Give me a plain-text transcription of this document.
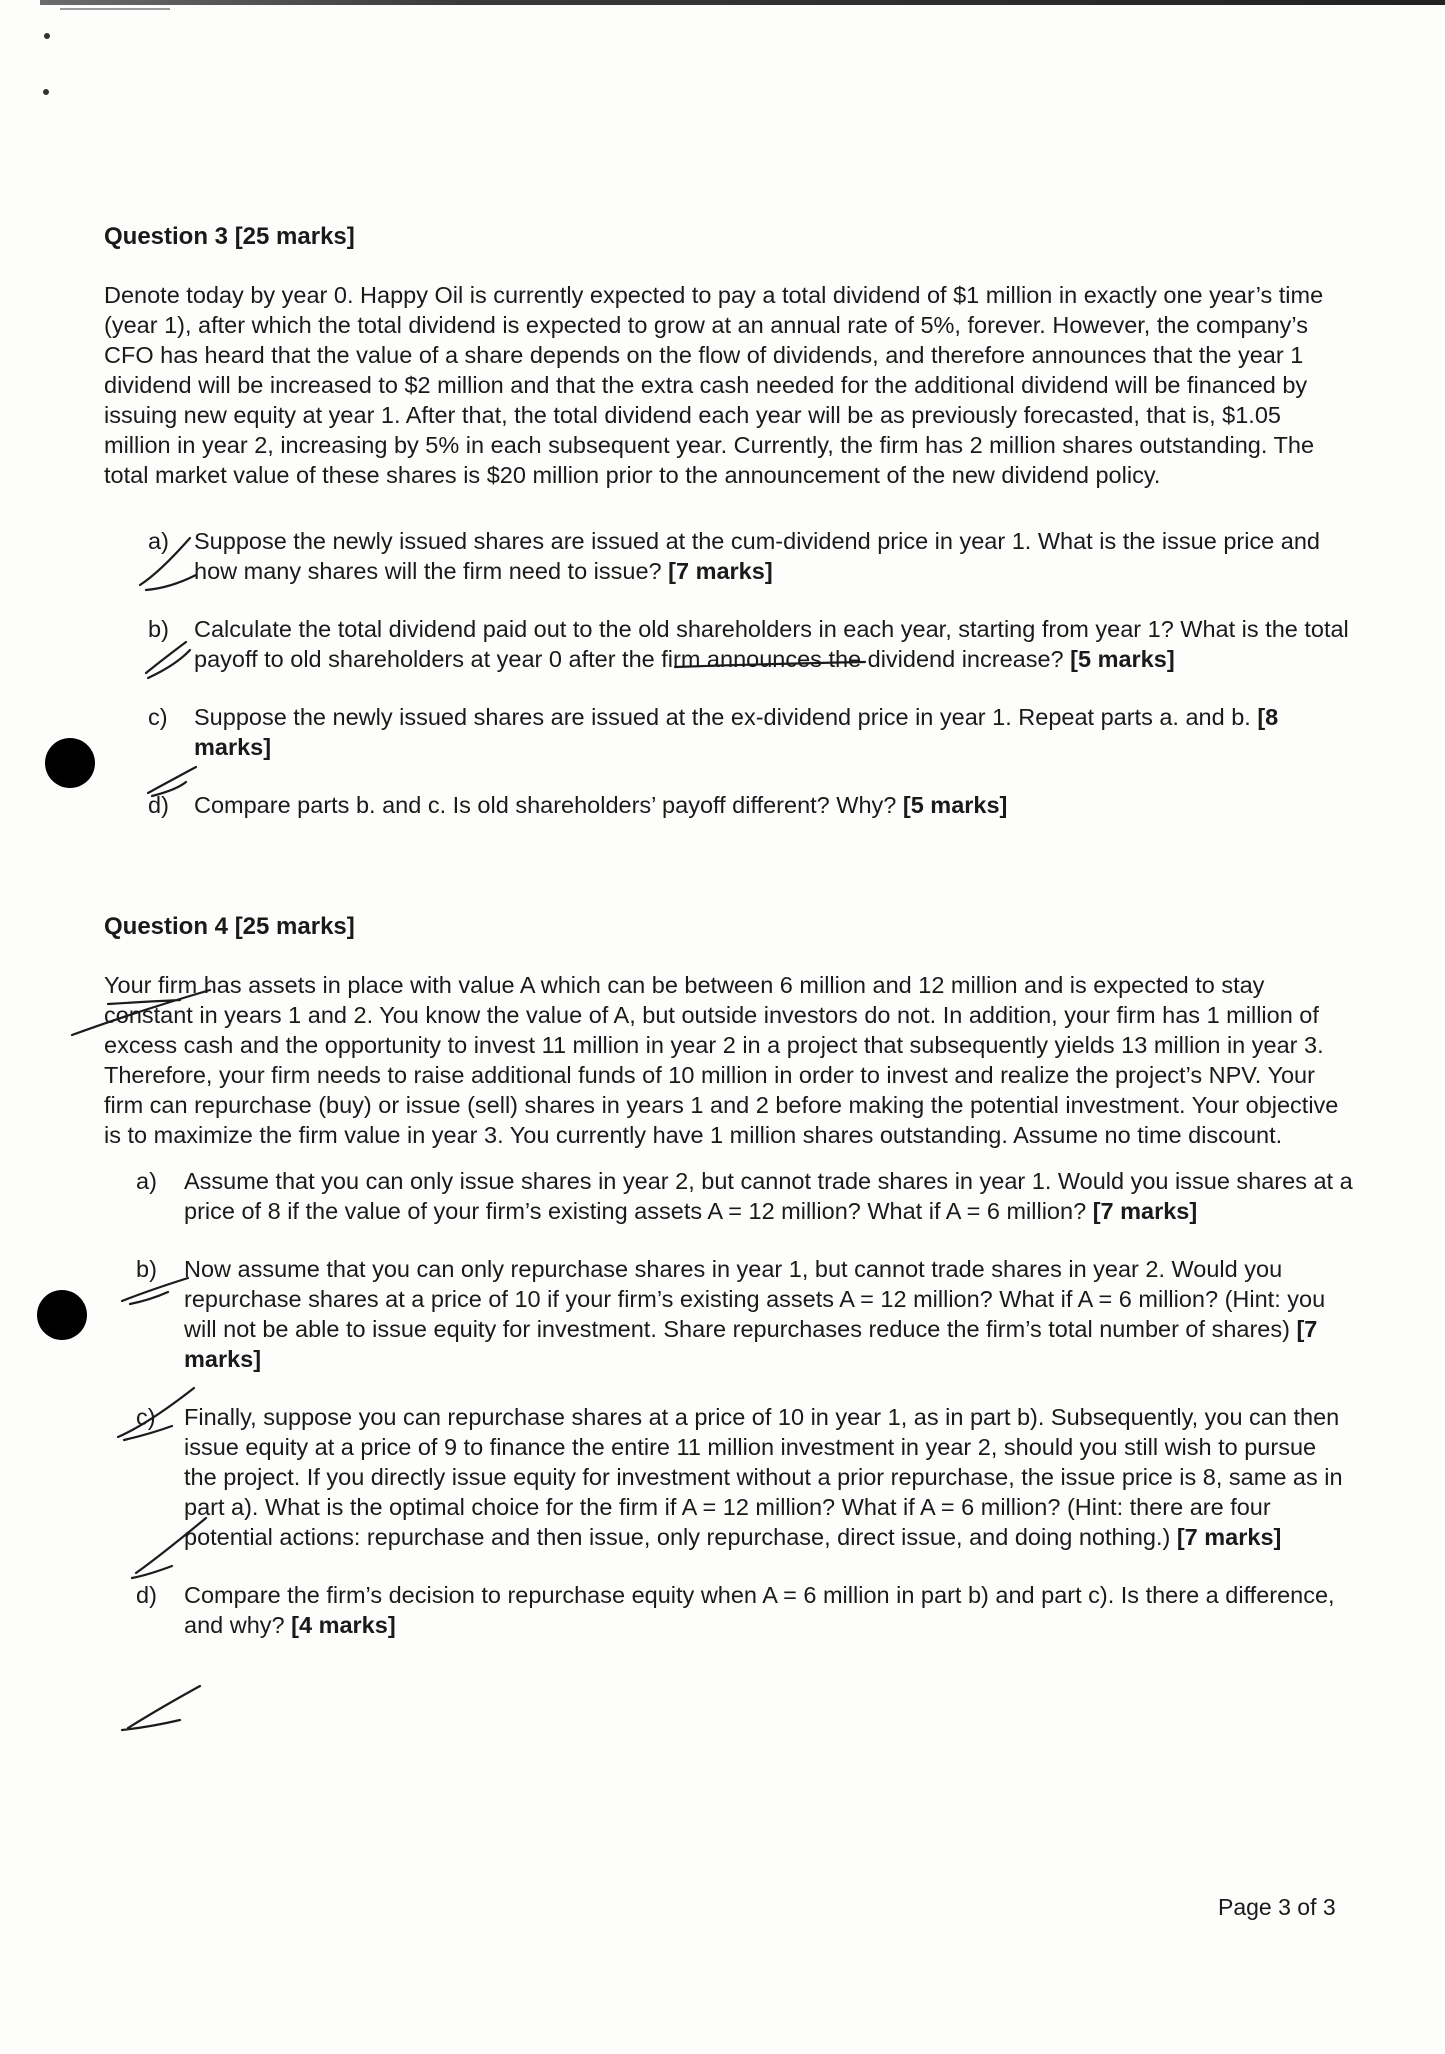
Question 3 [25 marks]
Denote today by year 0. Happy Oil is currently expected to pay a total dividend of $1 million in exactly one year’s time (year 1), after which the total dividend is expected to grow at an annual rate of 5%, forever. However, the company’s CFO has heard that the value of a share depends on the flow of dividends, and therefore announces that the year 1 dividend will be increased to $2 million and that the extra cash needed for the additional dividend will be financed by issuing new equity at year 1. After that, the total dividend each year will be as previously forecasted, that is, $1.05 million in year 2, increasing by 5% in each subsequent year. Currently, the firm has 2 million shares outstanding. The total market value of these shares is $20 million prior to the announcement of the new dividend policy.
a)	Suppose the newly issued shares are issued at the cum-dividend price in year 1. What is the issue price and how many shares will the firm need to issue? [7 marks]
b)	Calculate the total dividend paid out to the old shareholders in each year, starting from year 1? What is the total payoff to old shareholders at year 0 after the firm announces the dividend increase? [5 marks]
c)	Suppose the newly issued shares are issued at the ex-dividend price in year 1. Repeat parts a. and b. [8 marks]
d)	Compare parts b. and c. Is old shareholders’ payoff different? Why? [5 marks]
Question 4 [25 marks]
Your firm has assets in place with value A which can be between 6 million and 12 million and is expected to stay constant in years 1 and 2. You know the value of A, but outside investors do not. In addition, your firm has 1 million of excess cash and the opportunity to invest 11 million in year 2 in a project that subsequently yields 13 million in year 3. Therefore, your firm needs to raise additional funds of 10 million in order to invest and realize the project’s NPV. Your firm can repurchase (buy) or issue (sell) shares in years 1 and 2 before making the potential investment. Your objective is to maximize the firm value in year 3. You currently have 1 million shares outstanding. Assume no time discount.
a)	Assume that you can only issue shares in year 2, but cannot trade shares in year 1. Would you issue shares at a price of 8 if the value of your firm’s existing assets A = 12 million? What if A = 6 million? [7 marks]
b)	Now assume that you can only repurchase shares in year 1, but cannot trade shares in year 2. Would you repurchase shares at a price of 10 if your firm’s existing assets A = 12 million? What if A = 6 million? (Hint: you will not be able to issue equity for investment. Share repurchases reduce the firm’s total number of shares) [7 marks]
c)	Finally, suppose you can repurchase shares at a price of 10 in year 1, as in part b). Subsequently, you can then issue equity at a price of 9 to finance the entire 11 million investment in year 2, should you still wish to pursue the project. If you directly issue equity for investment without a prior repurchase, the issue price is 8, same as in part a). What is the optimal choice for the firm if A = 12 million? What if A = 6 million? (Hint: there are four potential actions: repurchase and then issue, only repurchase, direct issue, and doing nothing.) [7 marks]
d)	Compare the firm’s decision to repurchase equity when A = 6 million in part b) and part c). Is there a difference, and why? [4 marks]
Page 3 of 3
